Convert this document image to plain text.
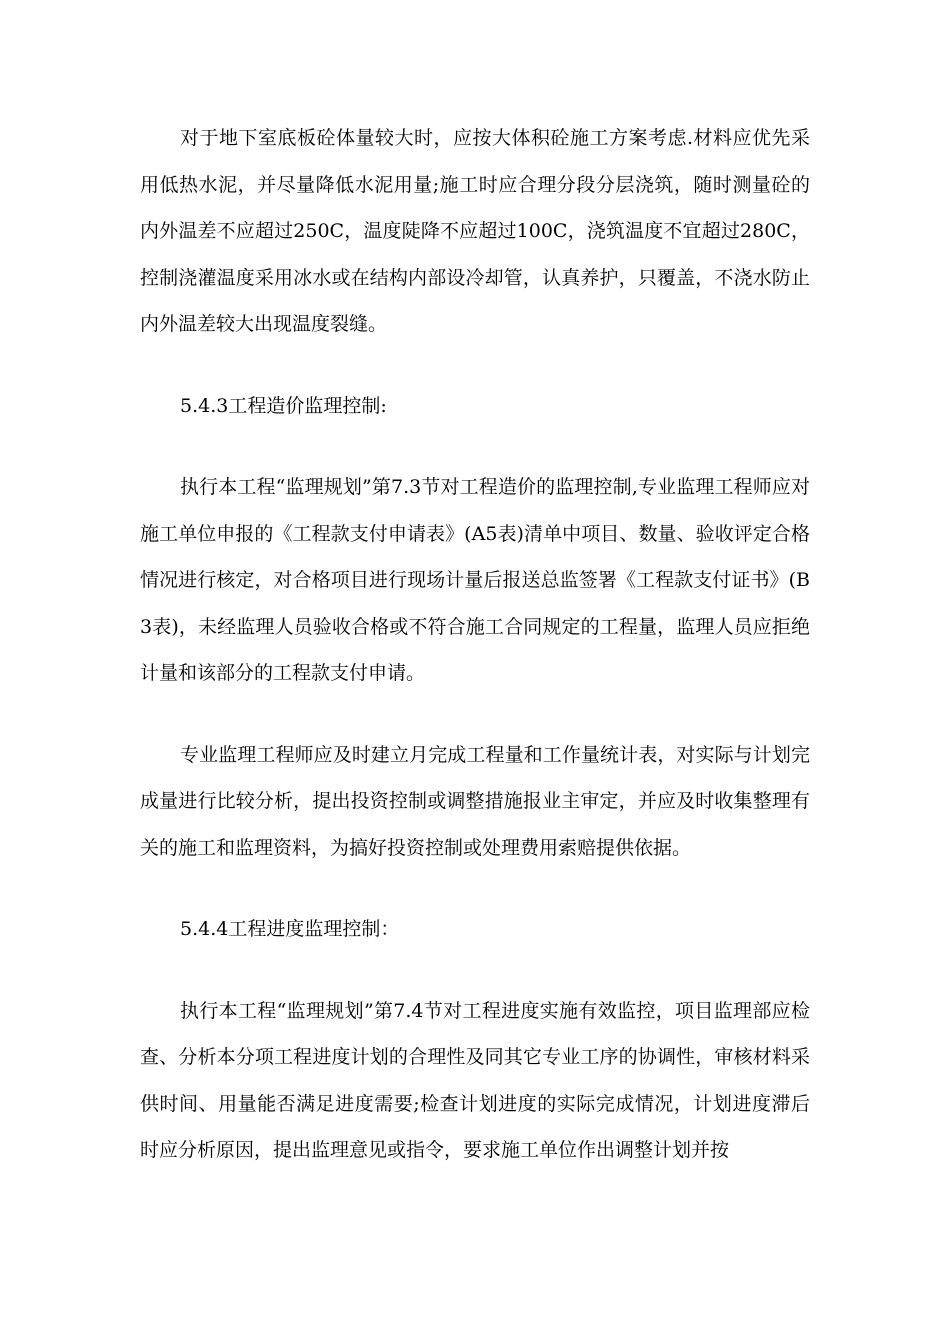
对于地下室底板砼体量较大时，应按大体积砼施工方案考虑.材料应优先采用低热水泥，并尽量降低水泥用量;施工时应合理分段分层浇筑，随时测量砼的内外温差不应超过250C，温度陡降不应超过100C，浇筑温度不宜超过280C，控制浇灌温度采用冰水或在结构内部设冷却管，认真养护，只覆盖，不浇水防止内外温差较大出现温度裂缝。

5.4.3工程造价监理控制:

执行本工程“监理规划”第7.3节对工程造价的监理控制,专业监理工程师应对施工单位申报的《工程款支付申请表》(A5表)清单中项目、数量、验收评定合格情况进行核定，对合格项目进行现场计量后报送总监签署《工程款支付证书》(B3表)，未经监理人员验收合格或不符合施工合同规定的工程量，监理人员应拒绝计量和该部分的工程款支付申请。

专业监理工程师应及时建立月完成工程量和工作量统计表，对实际与计划完成量进行比较分析，提出投资控制或调整措施报业主审定，并应及时收集整理有关的施工和监理资料，为搞好投资控制或处理费用索赔提供依据。

5.4.4工程进度监理控制：

执行本工程“监理规划”第7.4节对工程进度实施有效监控，项目监理部应检查、分析本分项工程进度计划的合理性及同其它专业工序的协调性，审核材料采供时间、用量能否满足进度需要;检查计划进度的实际完成情况，计划进度滞后时应分析原因，提出监理意见或指令，要求施工单位作出调整计划并按
